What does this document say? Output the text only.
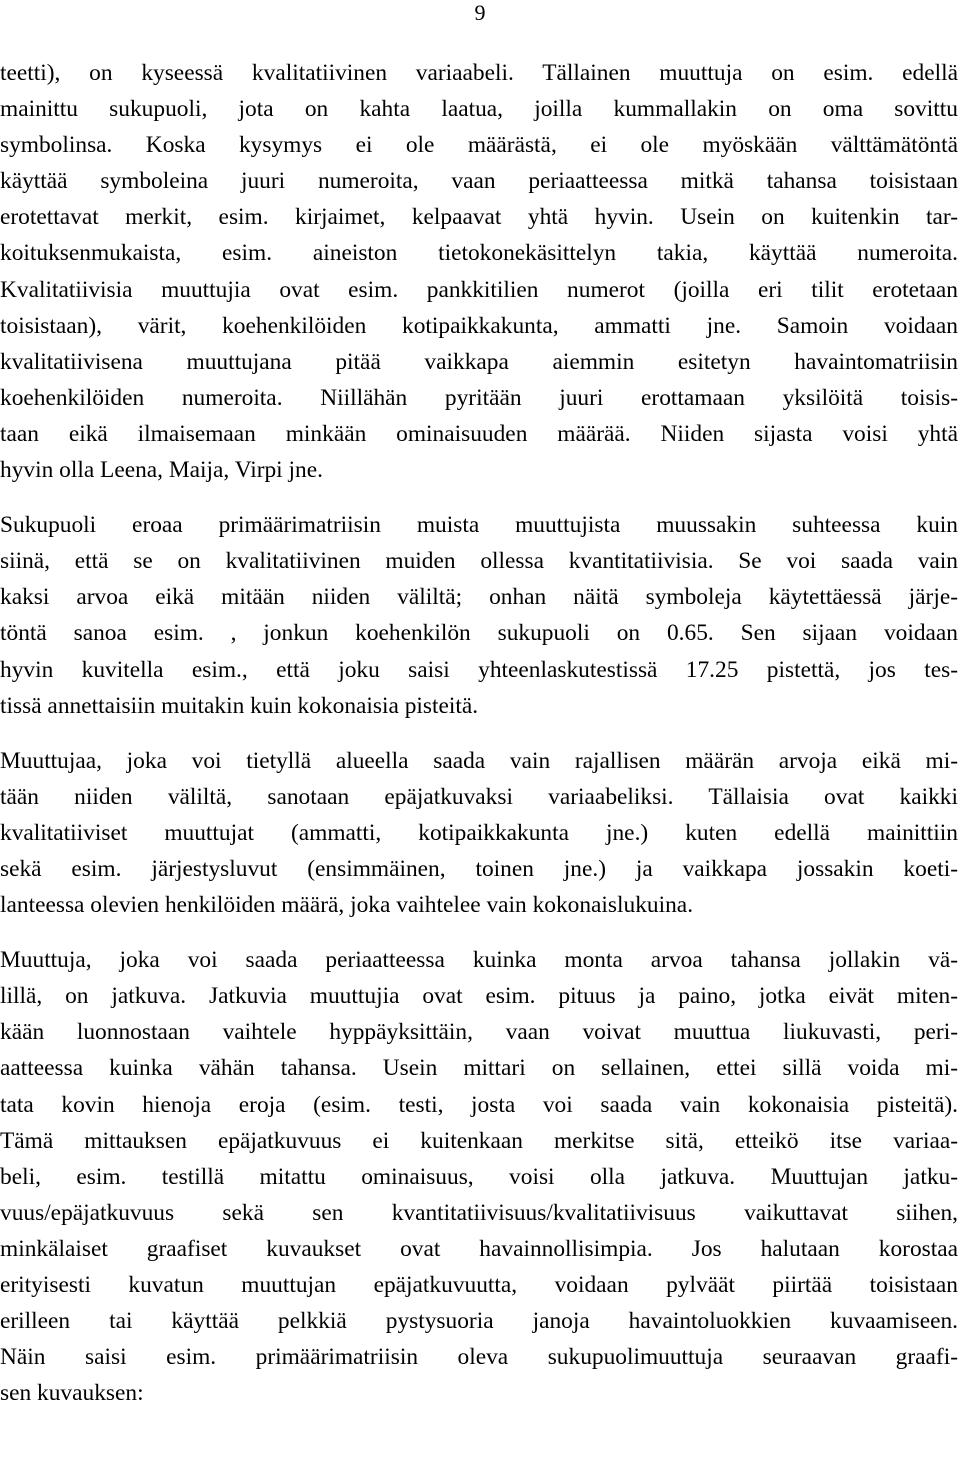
9
teetti), on kyseessä kvalitatiivinen variaabeli. Tällainen muuttuja on esim. edellä
mainittu sukupuoli, jota on kahta laatua, joilla kummallakin on oma sovittu
symbolinsa. Koska kysymys ei ole määrästä, ei ole myöskään välttämätöntä
käyttää symboleina juuri numeroita, vaan periaatteessa mitkä tahansa toisistaan
erotettavat merkit, esim. kirjaimet, kelpaavat yhtä hyvin. Usein on kuitenkin tar-
koituksenmukaista, esim. aineiston tietokonekäsittelyn takia, käyttää numeroita.
Kvalitatiivisia muuttujia ovat esim. pankkitilien numerot (joilla eri tilit erotetaan
toisistaan), värit, koehenkilöiden kotipaikkakunta, ammatti jne. Samoin voidaan
kvalitatiivisena muuttujana pitää vaikkapa aiemmin esitetyn havaintomatriisin
koehenkilöiden numeroita. Niillähän pyritään juuri erottamaan yksilöitä toisis-
taan eikä ilmaisemaan minkään ominaisuuden määrää. Niiden sijasta voisi yhtä
hyvin olla Leena, Maija, Virpi jne.
Sukupuoli eroaa primäärimatriisin muista muuttujista muussakin suhteessa kuin
siinä, että se on kvalitatiivinen muiden ollessa kvantitatiivisia. Se voi saada vain
kaksi arvoa eikä mitään niiden väliltä; onhan näitä symboleja käytettäessä järje-
töntä sanoa esim. , jonkun koehenkilön sukupuoli on 0.65. Sen sijaan voidaan
hyvin kuvitella esim., että joku saisi yhteenlaskutestissä 17.25 pistettä, jos tes-
tissä annettaisiin muitakin kuin kokonaisia pisteitä.
Muuttujaa, joka voi tietyllä alueella saada vain rajallisen määrän arvoja eikä mi-
tään niiden väliltä, sanotaan epäjatkuvaksi variaabeliksi. Tällaisia ovat kaikki
kvalitatiiviset muuttujat (ammatti, kotipaikkakunta jne.) kuten edellä mainittiin
sekä esim. järjestysluvut (ensimmäinen, toinen jne.) ja vaikkapa jossakin koeti-
lanteessa olevien henkilöiden määrä, joka vaihtelee vain kokonaislukuina.
Muuttuja, joka voi saada periaatteessa kuinka monta arvoa tahansa jollakin vä-
lillä, on jatkuva. Jatkuvia muuttujia ovat esim. pituus ja paino, jotka eivät miten-
kään luonnostaan vaihtele hyppäyksittäin, vaan voivat muuttua liukuvasti, peri-
aatteessa kuinka vähän tahansa. Usein mittari on sellainen, ettei sillä voida mi-
tata kovin hienoja eroja (esim. testi, josta voi saada vain kokonaisia pisteitä).
Tämä mittauksen epäjatkuvuus ei kuitenkaan merkitse sitä, etteikö itse variaa-
beli, esim. testillä mitattu ominaisuus, voisi olla jatkuva. Muuttujan jatku-
vuus/epäjatkuvuus sekä sen kvantitatiivisuus/kvalitatiivisuus vaikuttavat siihen,
minkälaiset graafiset kuvaukset ovat havainnollisimpia. Jos halutaan korostaa
erityisesti kuvatun muuttujan epäjatkuvuutta, voidaan pylväät piirtää toisistaan
erilleen tai käyttää pelkkiä pystysuoria janoja havaintoluokkien kuvaamiseen.
Näin saisi esim. primäärimatriisin oleva sukupuolimuuttuja seuraavan graafi-
sen kuvauksen:
